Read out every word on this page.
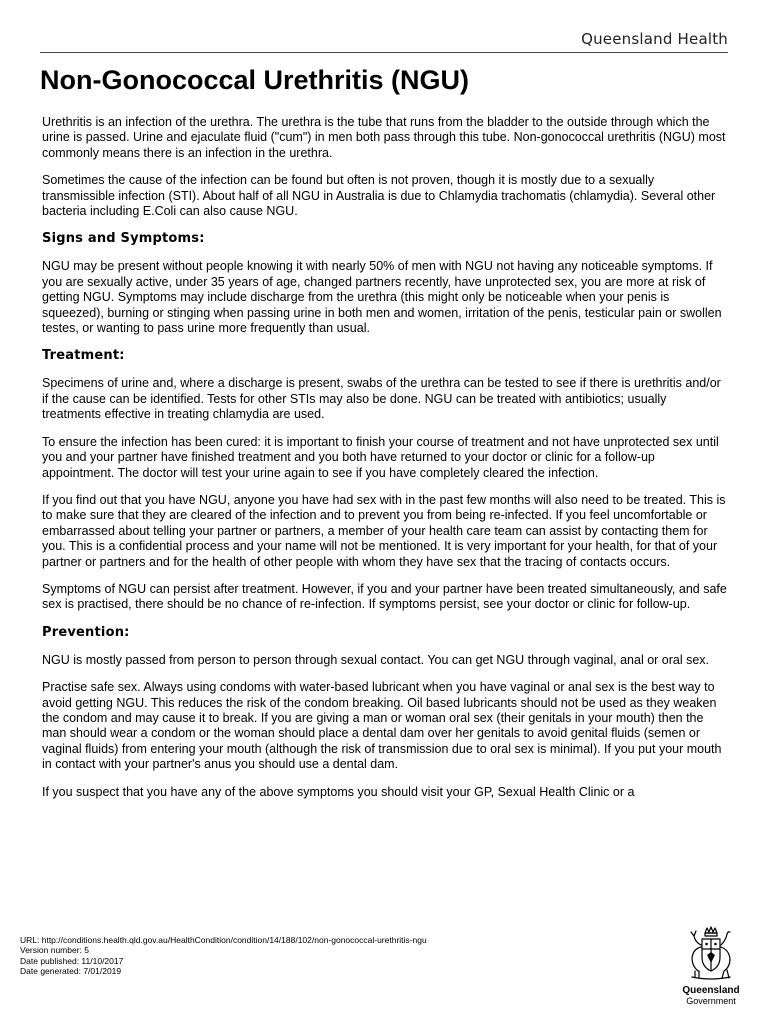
Queensland Health
Non-Gonococcal Urethritis (NGU)

Urethritis is an infection of the urethra. The urethra is the tube that runs from the bladder to the outside through which the urine is passed. Urine and ejaculate fluid ("cum") in men both pass through this tube. Non-gonococcal urethritis (NGU) most commonly means there is an infection in the urethra.

Sometimes the cause of the infection can be found but often is not proven, though it is mostly due to a sexually transmissible infection (STI). About half of all NGU in Australia is due to Chlamydia trachomatis (chlamydia). Several other bacteria including E.Coli can also cause NGU.

Signs and Symptoms:

NGU may be present without people knowing it with nearly 50% of men with NGU not having any noticeable symptoms. If you are sexually active, under 35 years of age, changed partners recently, have unprotected sex, you are more at risk of getting NGU. Symptoms may include discharge from the urethra (this might only be noticeable when your penis is squeezed), burning or stinging when passing urine in both men and women, irritation of the penis, testicular pain or swollen testes, or wanting to pass urine more frequently than usual.

Treatment:

Specimens of urine and, where a discharge is present, swabs of the urethra can be tested to see if there is urethritis and/or if the cause can be identified. Tests for other STIs may also be done. NGU can be treated with antibiotics; usually treatments effective in treating chlamydia are used.

To ensure the infection has been cured: it is important to finish your course of treatment and not have unprotected sex until you and your partner have finished treatment and you both have returned to your doctor or clinic for a follow-up appointment. The doctor will test your urine again to see if you have completely cleared the infection.

If you find out that you have NGU, anyone you have had sex with in the past few months will also need to be treated. This is to make sure that they are cleared of the infection and to prevent you from being re-infected. If you feel uncomfortable or embarrassed about telling your partner or partners, a member of your health care team can assist by contacting them for you. This is a confidential process and your name will not be mentioned. It is very important for your health, for that of your partner or partners and for the health of other people with whom they have sex that the tracing of contacts occurs.

Symptoms of NGU can persist after treatment. However, if you and your partner have been treated simultaneously, and safe sex is practised, there should be no chance of re-infection. If symptoms persist, see your doctor or clinic for follow-up.

Prevention:

NGU is mostly passed from person to person through sexual contact. You can get NGU through vaginal, anal or oral sex.

Practise safe sex. Always using condoms with water-based lubricant when you have vaginal or anal sex is the best way to avoid getting NGU. This reduces the risk of the condom breaking. Oil based lubricants should not be used as they weaken the condom and may cause it to break. If you are giving a man or woman oral sex (their genitals in your mouth) then the man should wear a condom or the woman should place a dental dam over her genitals to avoid genital fluids (semen or vaginal fluids) from entering your mouth (although the risk of transmission due to oral sex is minimal). If you put your mouth in contact with your partner's anus you should use a dental dam.

If you suspect that you have any of the above symptoms you should visit your GP, Sexual Health Clinic or a

URL: http://conditions.health.qld.gov.au/HealthCondition/condition/14/188/102/non-gonococcal-urethritis-ngu
Version number: 5
Date published: 11/10/2017
Date generated: 7/01/2019
Queensland
Government
